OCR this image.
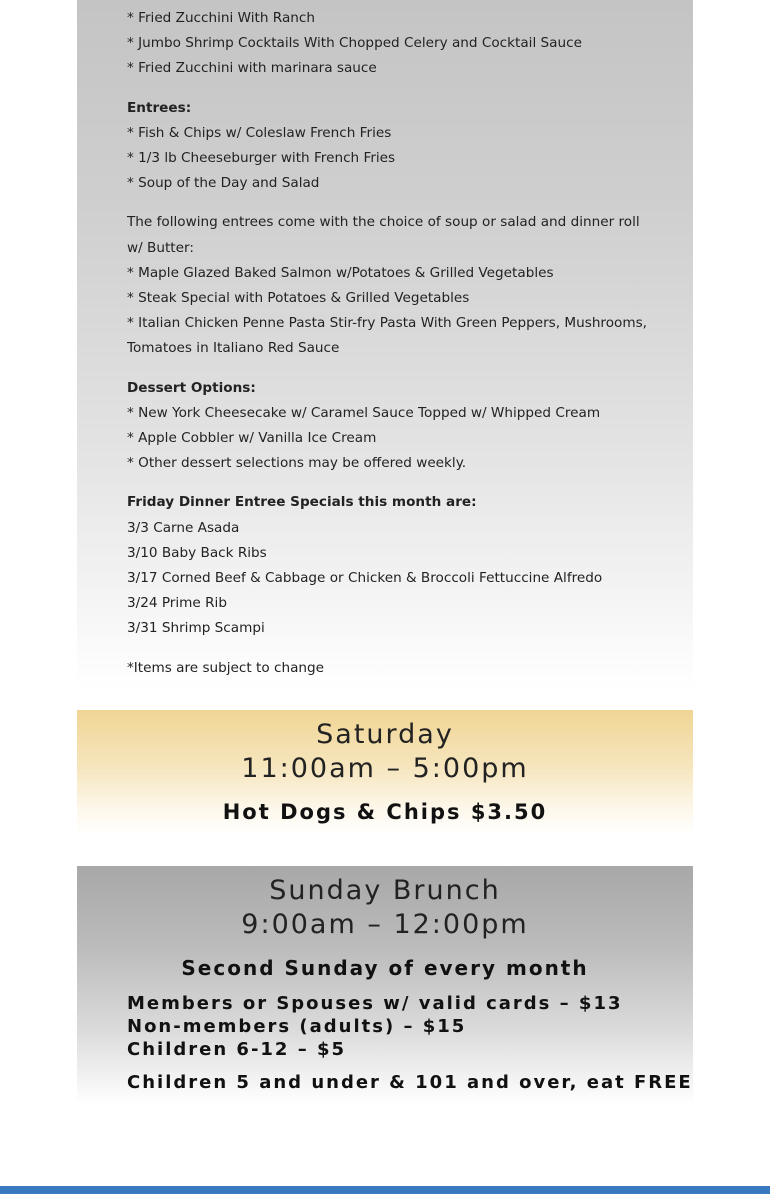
* Fried Zucchini With Ranch
* Jumbo Shrimp Cocktails With Chopped Celery and Cocktail Sauce
* Fried Zucchini with marinara sauce
Entrees:
* Fish & Chips w/ Coleslaw French Fries
* 1/3 lb Cheeseburger with French Fries
* Soup of the Day and Salad
The following entrees come with the choice of soup or salad and dinner roll w/ Butter:
* Maple Glazed Baked Salmon w/Potatoes & Grilled Vegetables
* Steak Special with Potatoes & Grilled Vegetables
* Italian Chicken Penne Pasta Stir-fry Pasta With Green Peppers, Mushrooms, Tomatoes in Italiano Red Sauce
Dessert Options:
* New York Cheesecake w/ Caramel Sauce Topped w/ Whipped Cream
* Apple Cobbler w/ Vanilla Ice Cream
* Other dessert selections may be offered weekly.
Friday Dinner Entree Specials this month are:
3/3 Carne Asada
3/10 Baby Back Ribs
3/17 Corned Beef & Cabbage or Chicken & Broccoli Fettuccine Alfredo
3/24 Prime Rib
3/31 Shrimp Scampi
*Items are subject to change
Saturday
11:00am – 5:00pm
Hot Dogs & Chips $3.50
Sunday Brunch
9:00am – 12:00pm
Second Sunday of every month
Members or Spouses w/ valid cards – $13
Non-members (adults) – $15
Children 6-12 – $5
Children 5 and under & 101 and over, eat FREE
